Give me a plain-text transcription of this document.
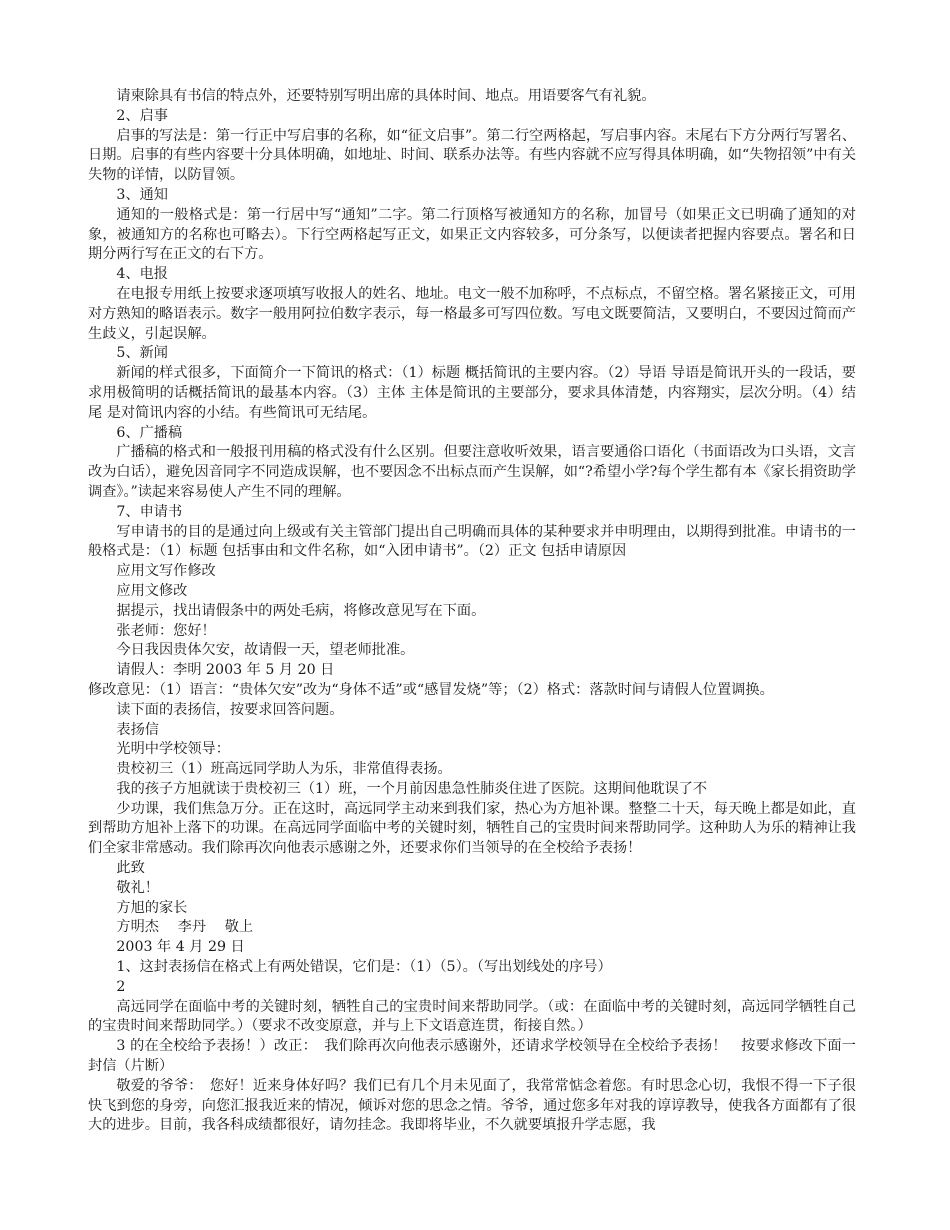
请柬除具有书信的特点外，还要特别写明出席的具体时间、地点。用语要客气有礼貌。

2、启事

启事的写法是：第一行正中写启事的名称，如“征文启事”。第二行空两格起，写启事内容。末尾右下方分两行写署名、日期。启事的有些内容要十分具体明确，如地址、时间、联系办法等。有些内容就不应写得具体明确，如“失物招领”中有关失物的详情，以防冒领。

3、通知

通知的一般格式是：第一行居中写“通知”二字。第二行顶格写被通知方的名称，加冒号（如果正文已明确了通知的对象，被通知方的名称也可略去）。下行空两格起写正文，如果正文内容较多，可分条写，以便读者把握内容要点。署名和日期分两行写在正文的右下方。

4、电报

在电报专用纸上按要求逐项填写收报人的姓名、地址。电文一般不加称呼，不点标点，不留空格。署名紧接正文，可用对方熟知的略语表示。数字一般用阿拉伯数字表示，每一格最多可写四位数。写电文既要简洁，又要明白，不要因过简而产生歧义，引起误解。

5、新闻

新闻的样式很多，下面简介一下简讯的格式：（1）标题 概括简讯的主要内容。（2）导语 导语是简讯开头的一段话，要求用极简明的话概括简讯的最基本内容。（3）主体 主体是简讯的主要部分，要求具体清楚，内容翔实，层次分明。（4）结尾 是对简讯内容的小结。有些简讯可无结尾。

6、广播稿

广播稿的格式和一般报刊用稿的格式没有什么区别。但要注意收听效果，语言要通俗口语化（书面语改为口头语，文言改为白话），避免因音同字不同造成误解，也不要因念不出标点而产生误解，如“?希望小学?每个学生都有本《家长捐资助学调查》。”读起来容易使人产生不同的理解。

7、申请书

写申请书的目的是通过向上级或有关主管部门提出自己明确而具体的某种要求并申明理由，以期得到批准。申请书的一般格式是：（1）标题 包括事由和文件名称，如“入团申请书”。（2）正文 包括申请原因

应用文写作修改

应用文修改

据提示，找出请假条中的两处毛病，将修改意见写在下面。

张老师：您好！

今日我因贵体欠安，故请假一天，望老师批准。

请假人：李明 2003 年 5 月 20 日

修改意见：（1）语言：“贵体欠安”改为“身体不适”或“感冒发烧”等；（2）格式：落款时间与请假人位置调换。

读下面的表扬信，按要求回答问题。

表扬信

光明中学校领导：

贵校初三（1）班高远同学助人为乐，非常值得表扬。

我的孩子方旭就读于贵校初三（1）班，一个月前因患急性肺炎住进了医院。这期间他耽误了不

少功课，我们焦急万分。正在这时，高远同学主动来到我们家，热心为方旭补课。整整二十天，每天晚上都是如此，直到帮助方旭补上落下的功课。在高远同学面临中考的关键时刻，牺牲自己的宝贵时间来帮助同学。这种助人为乐的精神让我们全家非常感动。我们除再次向他表示感谢之外，还要求你们当领导的在全校给予表扬！

此致

敬礼！

方旭的家长

方明杰　 李丹　 敬上

2003 年 4 月 29 日

1、这封表扬信在格式上有两处错误，它们是：（1）（5）。（写出划线处的序号）

2

高远同学在面临中考的关键时刻，牺牲自己的宝贵时间来帮助同学。（或：在面临中考的关键时刻，高远同学牺牲自己的宝贵时间来帮助同学。）（要求不改变原意，并与上下文语意连贯，衔接自然。）

3 的在全校给予表扬！）改正：　我们除再次向他表示感谢外，还请求学校领导在全校给予表扬！　按要求修改下面一封信（片断）

敬爱的爷爷：　您好！近来身体好吗？我们已有几个月未见面了，我常常惦念着您。有时思念心切，我恨不得一下子很快飞到您的身旁，向您汇报我近来的情况，倾诉对您的思念之情。爷爷，通过您多年对我的谆谆教导，使我各方面都有了很大的进步。目前，我各科成绩都很好，请勿挂念。我即将毕业，不久就要填报升学志愿，我
